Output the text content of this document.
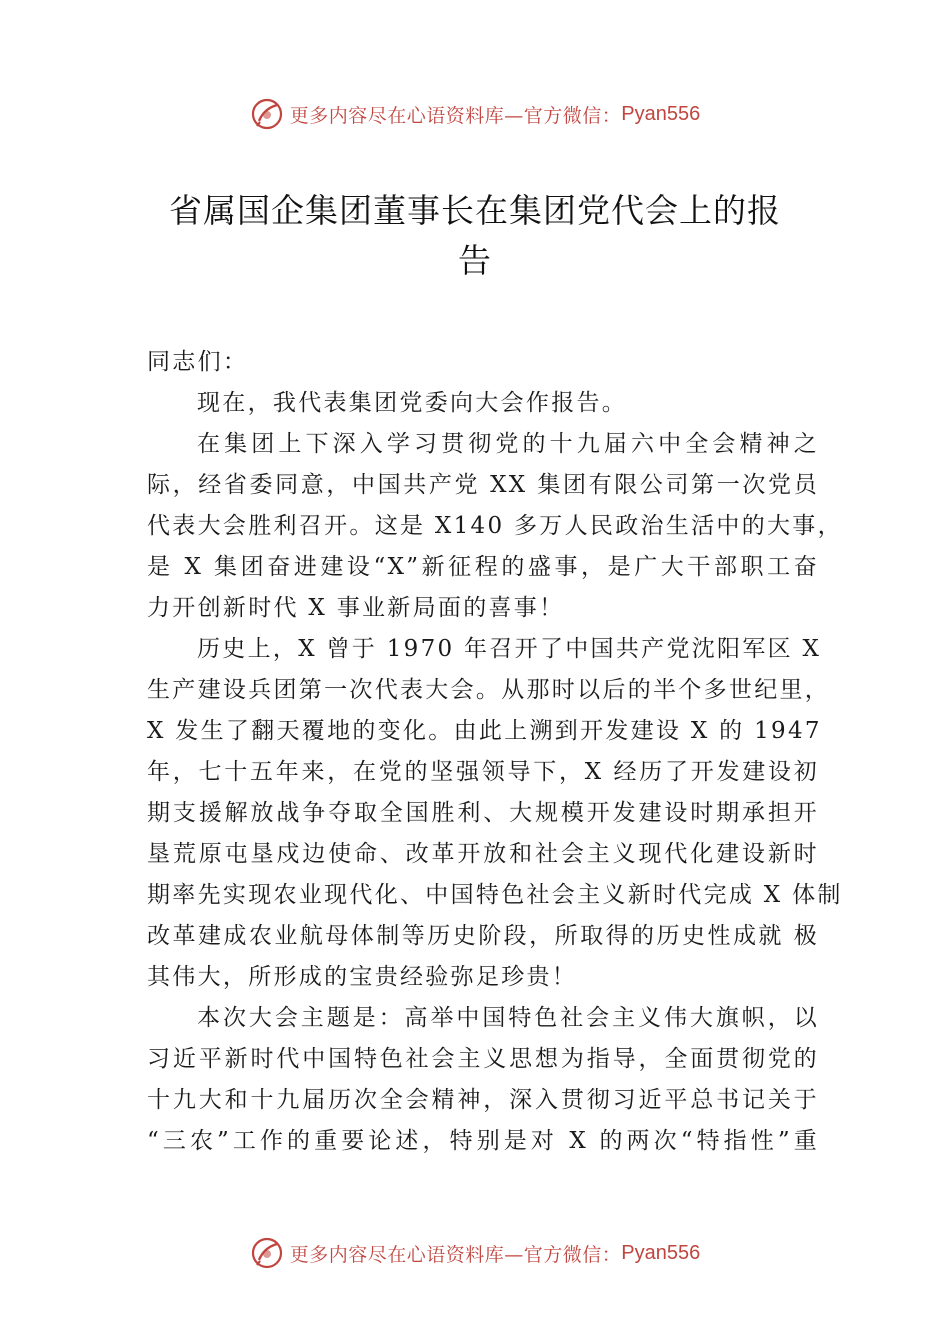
更多内容尽在心语资料库—官方微信： Pyan556
省属国企集团董事长在集团党代会上的报
告
同志们：
现在，我代表集团党委向大会作报告。
在集团上下深入学习贯彻党的十九届六中全会精神之
际，经省委同意，中国共产党 XX 集团有限公司第一次党员
代表大会胜利召开。这是 X140 多万人民政治生活中的大事，
是 X 集团奋进建设“X”新征程的盛事，是广大干部职工奋
力开创新时代 X 事业新局面的喜事！
历史上，X 曾于 1970 年召开了中国共产党沈阳军区 X
生产建设兵团第一次代表大会。从那时以后的半个多世纪里，
X 发生了翻天覆地的变化。由此上溯到开发建设 X 的 1947
年，七十五年来，在党的坚强领导下，X 经历了开发建设初
期支援解放战争夺取全国胜利、大规模开发建设时期承担开
垦荒原屯垦戍边使命、改革开放和社会主义现代化建设新时
期率先实现农业现代化、中国特色社会主义新时代完成 X 体制
改革建成农业航母体制等历史阶段，所取得的历史性成就 极
其伟大，所形成的宝贵经验弥足珍贵！
本次大会主题是：高举中国特色社会主义伟大旗帜，以
习近平新时代中国特色社会主义思想为指导，全面贯彻党的
十九大和十九届历次全会精神，深入贯彻习近平总书记关于
“三农”工作的重要论述，特别是对 X 的两次“特指性”重
更多内容尽在心语资料库—官方微信： Pyan556
